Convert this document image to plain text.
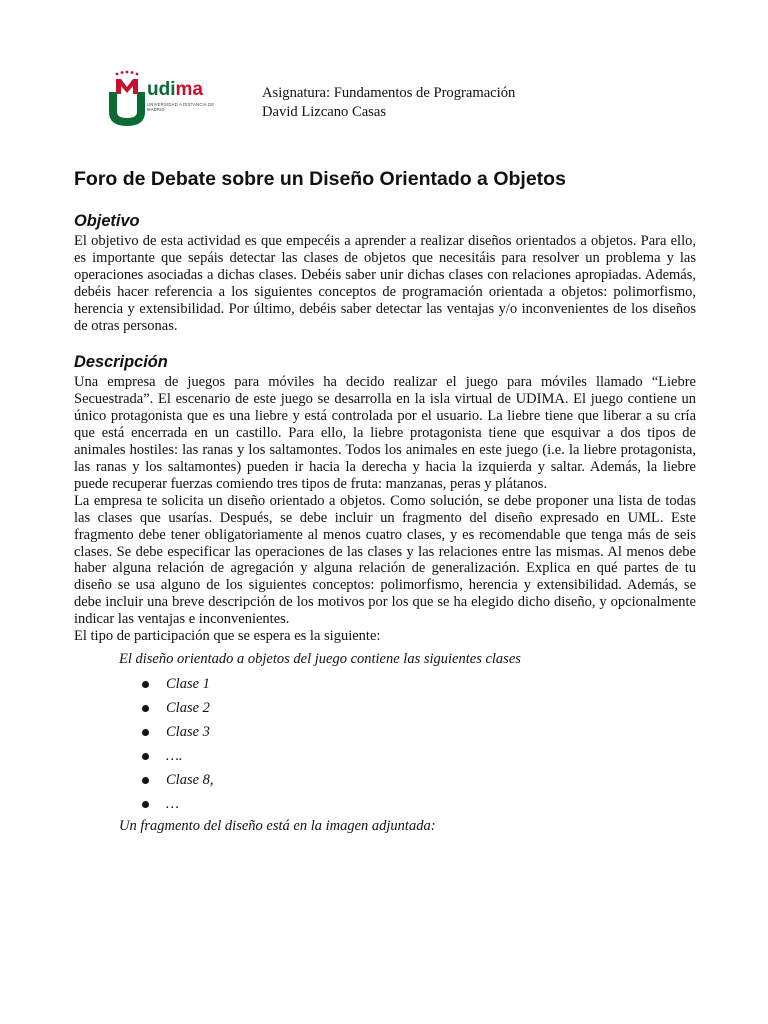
udima
UNIVERSIDAD A DISTANCIA DE MADRID
Asignatura: Fundamentos de Programación
David Lizcano Casas
Foro de Debate sobre un Diseño Orientado a Objetos
Objetivo

El objetivo de esta actividad es que empecéis a aprender a realizar diseños orientados a objetos. Para ello, es importante que sepáis detectar las clases de objetos que necesitáis para resolver un problema y las operaciones asociadas a dichas clases. Debéis saber unir dichas clases con relaciones apropiadas. Además, debéis hacer referencia a los siguientes conceptos de programación orientada a objetos: polimorfismo, herencia y extensibilidad. Por último, debéis saber detectar las ventajas y/o inconvenientes de los diseños de otras personas.

Descripción

Una empresa de juegos para móviles ha decido realizar el juego para móviles llamado “Liebre Secuestrada”. El escenario de este juego se desarrolla en la isla virtual de UDIMA. El juego contiene un único protagonista que es una liebre y está controlada por el usuario. La liebre tiene que liberar a su cría que está encerrada en un castillo. Para ello, la liebre protagonista tiene que esquivar a dos tipos de animales hostiles: las ranas y los saltamontes. Todos los animales en este juego (i.e. la liebre protagonista, las ranas y los saltamontes) pueden ir hacia la derecha y hacia la izquierda y saltar. Además, la liebre puede recuperar fuerzas comiendo tres tipos de fruta: manzanas, peras y plátanos.

La empresa te solicita un diseño orientado a objetos. Como solución, se debe proponer una lista de todas las clases que usarías. Después, se debe incluir un fragmento del diseño expresado en UML. Este fragmento debe tener obligatoriamente al menos cuatro clases, y es recomendable que tenga más de seis clases. Se debe especificar las operaciones de las clases y las relaciones entre las mismas. Al menos debe haber alguna relación de agregación y alguna relación de generalización. Explica en qué partes de tu diseño se usa alguno de los siguientes conceptos: polimorfismo, herencia y extensibilidad. Además, se debe incluir una breve descripción de los motivos por los que se ha elegido dicho diseño, y opcionalmente indicar las ventajas e inconvenientes.

El tipo de participación que se espera es la siguiente:

El diseño orientado a objetos del juego contiene las siguientes clases
Clase 1
Clase 2
Clase 3
….
Clase 8,
…
Un fragmento del diseño está en la imagen adjuntada:
